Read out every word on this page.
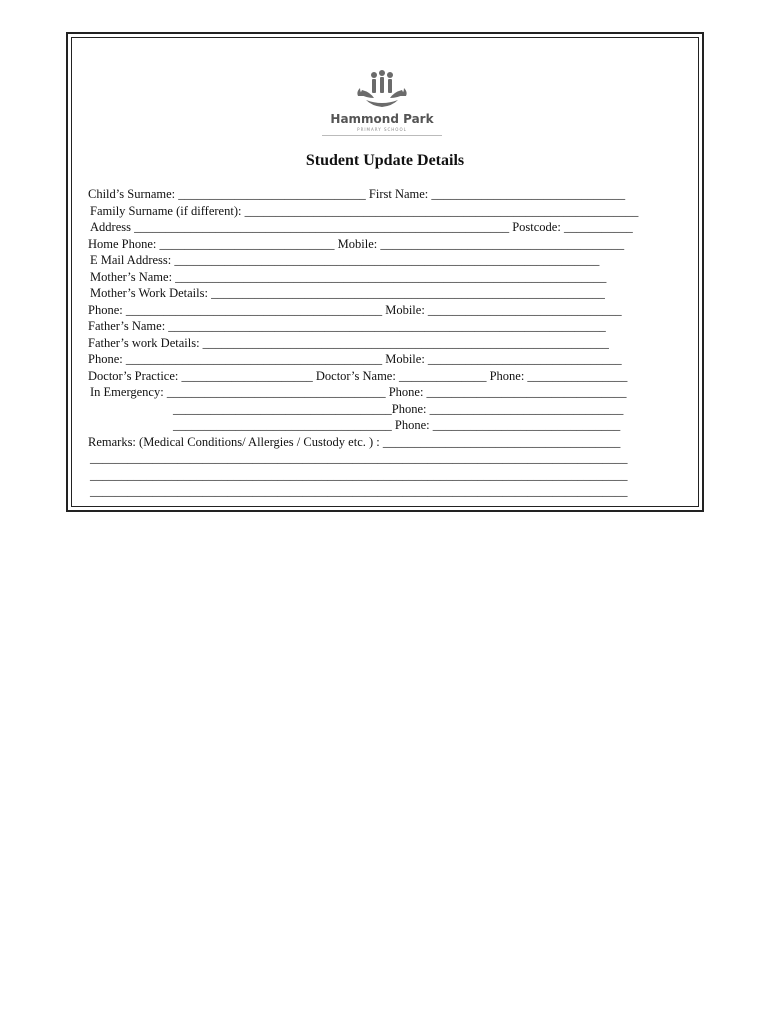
Hammond Park
PRIMARY SCHOOL
Student Update Details
Child’s Surname: ______________________________ First Name: _______________________________
Family Surname (if different): _______________________________________________________________
Address ____________________________________________________________ Postcode: ___________
Home Phone: ____________________________ Mobile: _______________________________________
E Mail Address: ____________________________________________________________________
Mother’s Name: _____________________________________________________________________
Mother’s Work Details: _______________________________________________________________
Phone: _________________________________________ Mobile: _______________________________
Father’s Name: ______________________________________________________________________
Father’s work Details: _________________________________________________________________
Phone: _________________________________________ Mobile: _______________________________
Doctor’s Practice: _____________________ Doctor’s Name: ______________ Phone: ________________
In Emergency: ___________________________________ Phone: ________________________________
___________________________________Phone: _______________________________
___________________________________ Phone: ______________________________
Remarks: (Medical Conditions/ Allergies / Custody etc. ) : ______________________________________
______________________________________________________________________________________
______________________________________________________________________________________
______________________________________________________________________________________
